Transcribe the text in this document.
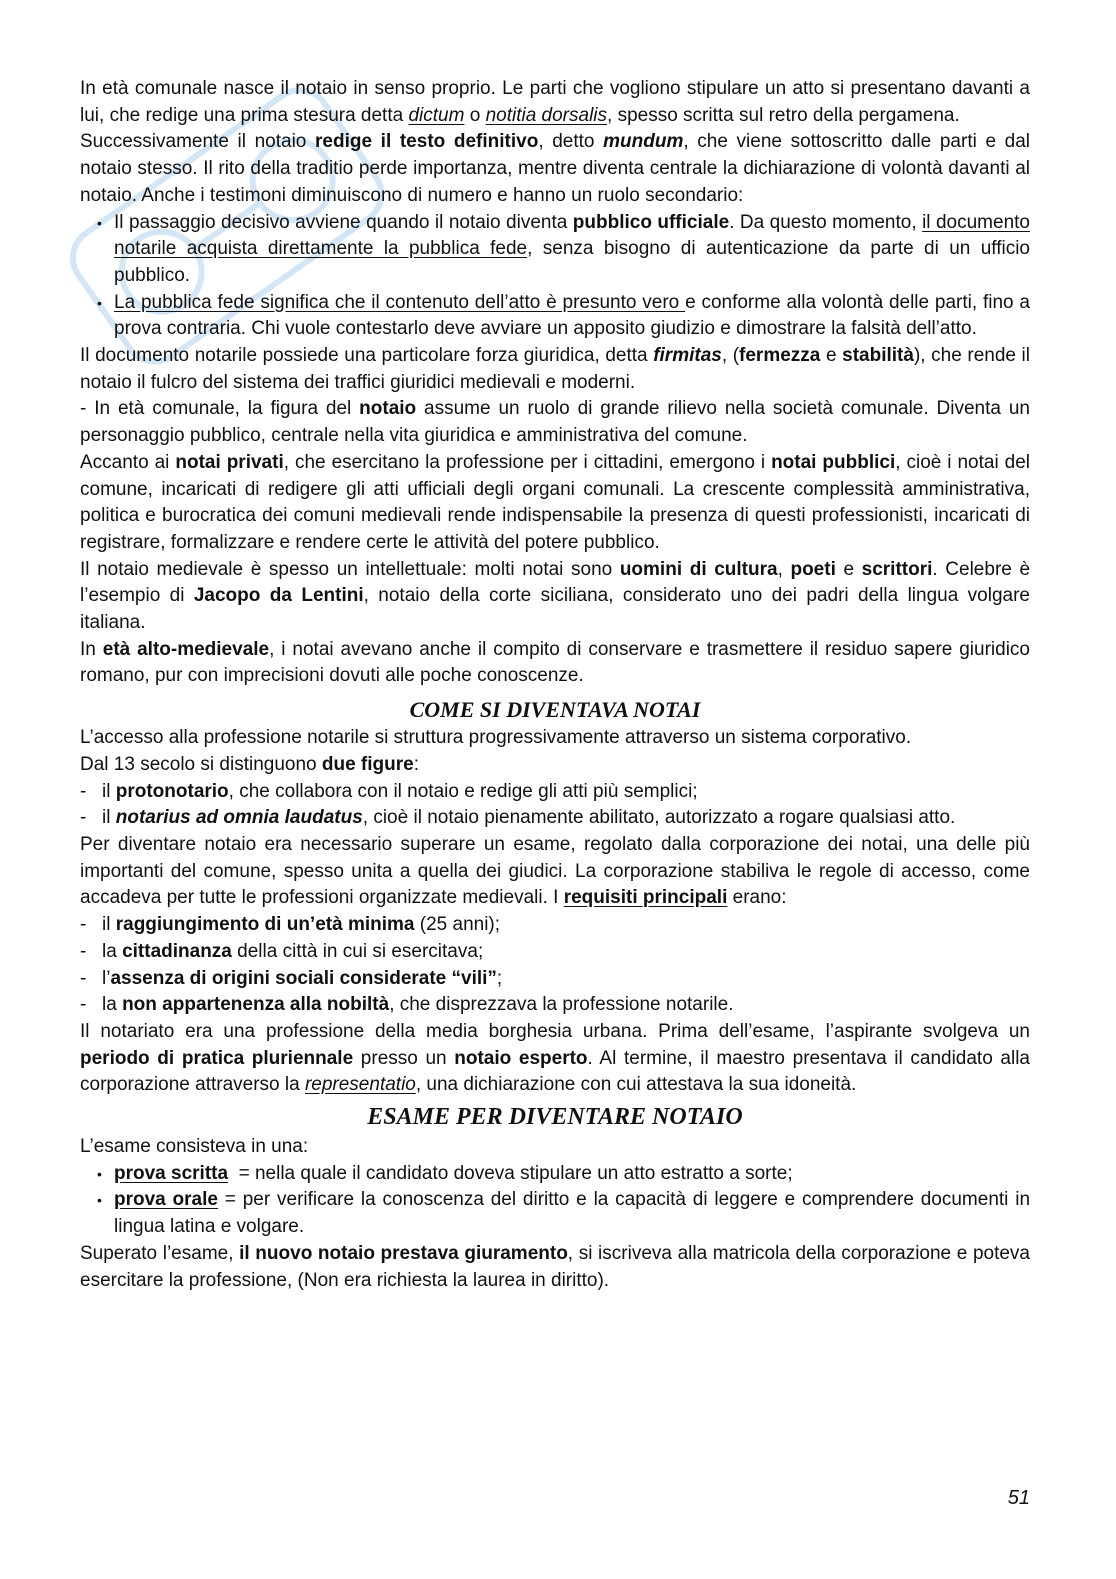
In età comunale nasce il notaio in senso proprio. Le parti che vogliono stipulare un atto si presentano davanti a lui, che redige una prima stesura detta dictum o notitia dorsalis, spesso scritta sul retro della pergamena.

Successivamente il notaio redige il testo definitivo, detto mundum, che viene sottoscritto dalle parti e dal notaio stesso. Il rito della traditio perde importanza, mentre diventa centrale la dichiarazione di volontà davanti al notaio. Anche i testimoni diminuiscono di numero e hanno un ruolo secondario:

• Il passaggio decisivo avviene quando il notaio diventa pubblico ufficiale. Da questo momento, il documento notarile acquista direttamente la pubblica fede, senza bisogno di autenticazione da parte di un ufficio pubblico.
• La pubblica fede significa che il contenuto dell’atto è presunto vero e conforme alla volontà delle parti, fino a prova contraria. Chi vuole contestarlo deve avviare un apposito giudizio e dimostrare la falsità dell’atto.

Il documento notarile possiede una particolare forza giuridica, detta firmitas, (fermezza e stabilità), che rende il notaio il fulcro del sistema dei traffici giuridici medievali e moderni.

- In età comunale, la figura del notaio assume un ruolo di grande rilievo nella società comunale. Diventa un personaggio pubblico, centrale nella vita giuridica e amministrativa del comune.

Accanto ai notai privati, che esercitano la professione per i cittadini, emergono i notai pubblici, cioè i notai del comune, incaricati di redigere gli atti ufficiali degli organi comunali. La crescente complessità amministrativa, politica e burocratica dei comuni medievali rende indispensabile la presenza di questi professionisti, incaricati di registrare, formalizzare e rendere certe le attività del potere pubblico.

Il notaio medievale è spesso un intellettuale: molti notai sono uomini di cultura, poeti e scrittori. Celebre è l’esempio di Jacopo da Lentini, notaio della corte siciliana, considerato uno dei padri della lingua volgare italiana.

In età alto-medievale, i notai avevano anche il compito di conservare e trasmettere il residuo sapere giuridico romano, pur con imprecisioni dovuti alle poche conoscenze.

COME SI DIVENTAVA NOTAI

L’accesso alla professione notarile si struttura progressivamente attraverso un sistema corporativo.

Dal 13 secolo si distinguono due figure:

- il protonotario, che collabora con il notaio e redige gli atti più semplici;
- il notarius ad omnia laudatus, cioè il notaio pienamente abilitato, autorizzato a rogare qualsiasi atto.

Per diventare notaio era necessario superare un esame, regolato dalla corporazione dei notai, una delle più importanti del comune, spesso unita a quella dei giudici. La corporazione stabiliva le regole di accesso, come accadeva per tutte le professioni organizzate medievali. I requisiti principali erano:

- il raggiungimento di un’età minima (25 anni);
- la cittadinanza della città in cui si esercitava;
- l’assenza di origini sociali considerate “vili”;
- la non appartenenza alla nobiltà, che disprezzava la professione notarile.

Il notariato era una professione della media borghesia urbana. Prima dell’esame, l’aspirante svolgeva un periodo di pratica pluriennale presso un notaio esperto. Al termine, il maestro presentava il candidato alla corporazione attraverso la representatio, una dichiarazione con cui attestava la sua idoneità.

ESAME PER DIVENTARE NOTAIO

L’esame consisteva in una:

• prova scritta  = nella quale il candidato doveva stipulare un atto estratto a sorte;
• prova orale = per verificare la conoscenza del diritto e la capacità di leggere e comprendere documenti in lingua latina e volgare.

Superato l’esame, il nuovo notaio prestava giuramento, si iscriveva alla matricola della corporazione e poteva esercitare la professione, (Non era richiesta la laurea in diritto).

51
